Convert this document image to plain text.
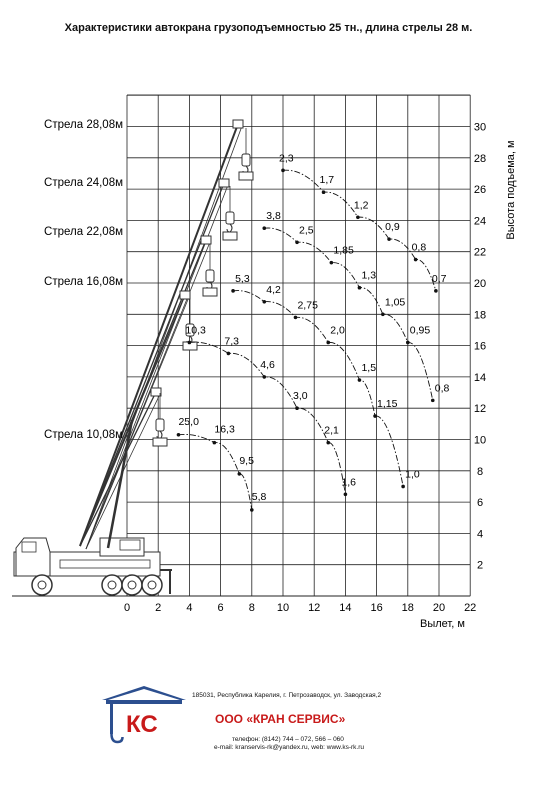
Характеристики автокрана грузоподъемностью 25 тн., длина стрелы 28 м.
2,3
1,7
1,2
0,9
0,8
0,7
3,8
2,5
1,85
1,3
1,05
0,95
0,8
5,3
4,2
2,75
2,0
1,5
1,15
1,0
10,3
7,3
4,6
3,0
2,1
1,6
25,0
16,3
9,5
5,8
0 2 4 6 8 10 12 14 16 18 20 22
2
4
6
8
10
12
14
16
18
20
22
24
26
28
30
Стрела 28,08м
Стрела 24,08м
Стрела 22,08м
Стрела 16,08м
Стрела 10,08м
Вылет, м
Высота подъема, м
КС
185031, Республика Карелия, г. Петрозаводск, ул. Заводская,2
ООО «КРАН СЕРВИС»
телефон: (8142) 744 – 072, 566 – 060
e-mail: kranservis-rk@yandex.ru, web: www.ks-rk.ru
